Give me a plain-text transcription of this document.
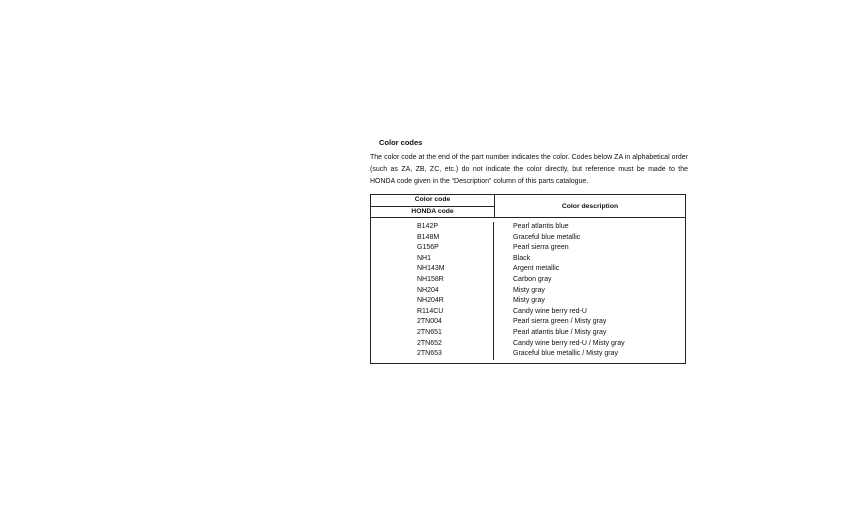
Color codes

The color code at the end of the part number indicates the color. Codes below ZA in alphabetical order (such as ZA, ZB, ZC, etc.) do not indicate the color directly, but reference must be made to the HONDA code given in the “Description” column of this parts catalogue.

Color code
HONDA code
Color description
B142P
B148M
G156P
NH1
NH143M
NH158R
NH204
NH204R
R114CU
2TN004
2TN651
2TN652
2TN653
Pearl atlantis blue
Graceful blue metallic
Pearl sierra green
Black
Argent metallic
Carbon gray
Misty gray
Misty gray
Candy wine berry red-U
Pearl sierra green / Misty gray
Pearl atlantis blue / Misty gray
Candy wine berry red-U / Misty gray
Graceful blue metallic / Misty gray
